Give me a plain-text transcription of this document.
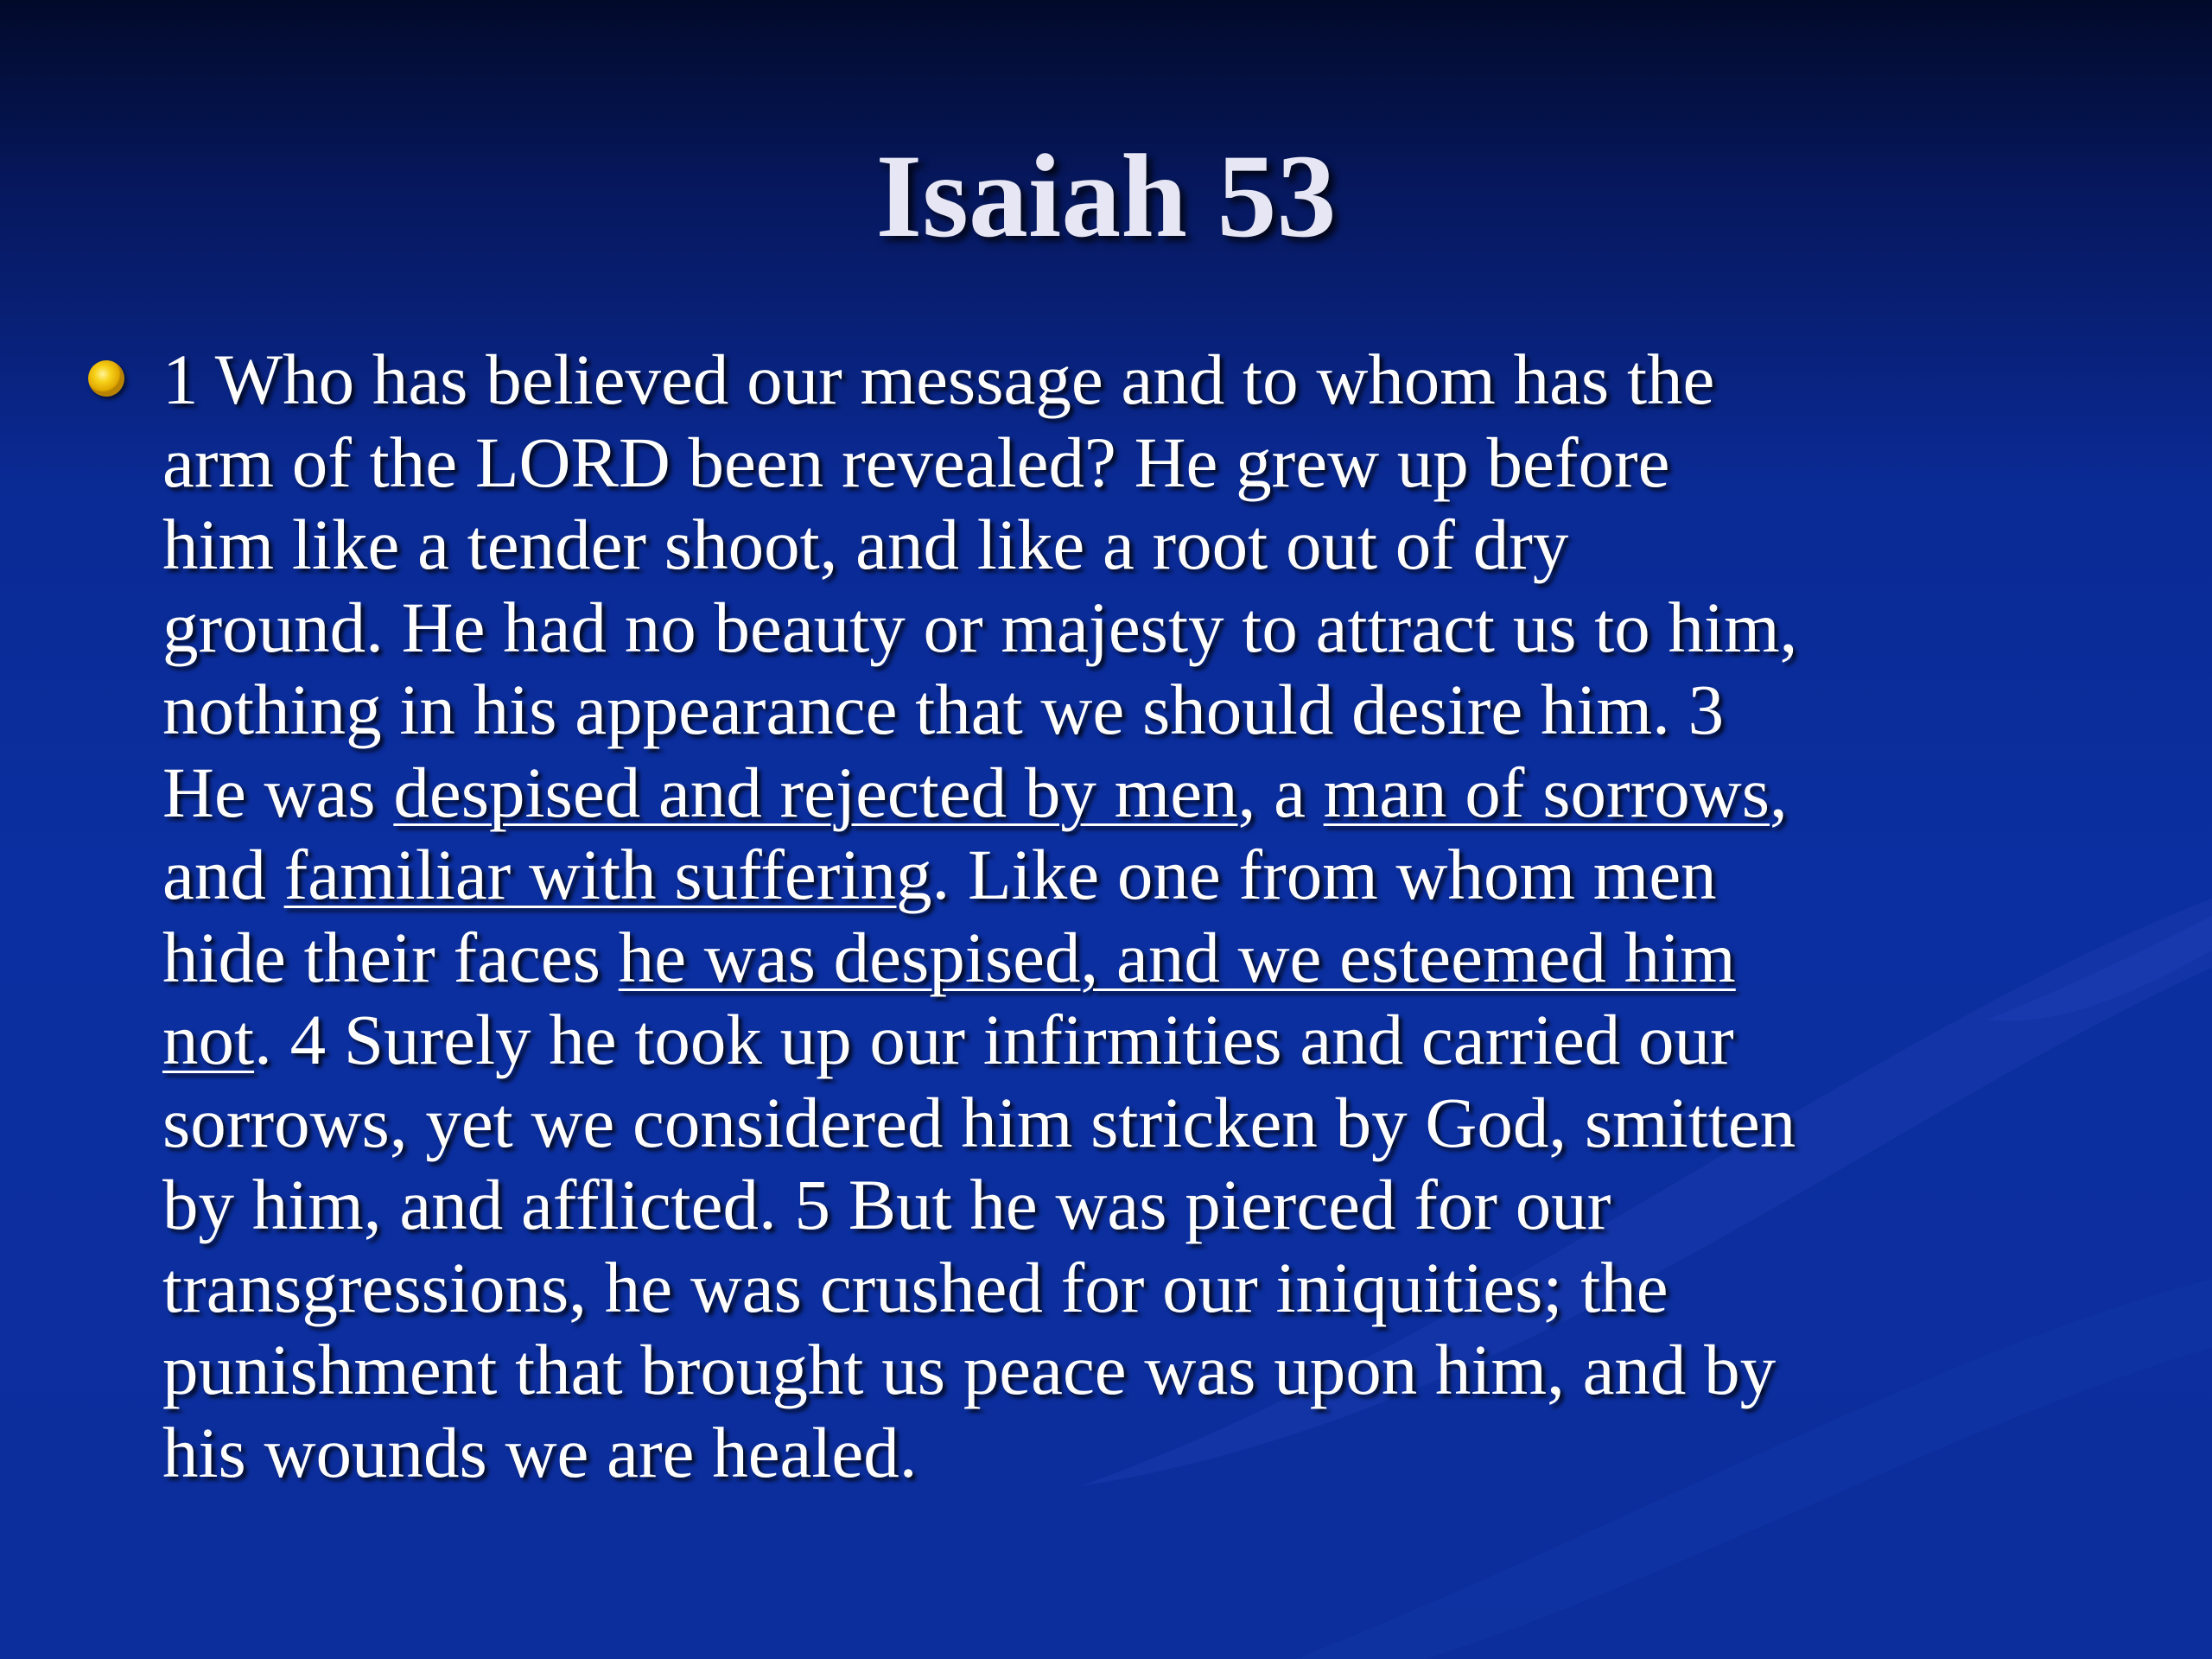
Isaiah 53
1 Who has believed our message and to whom has the
arm of the LORD been revealed? He grew up before
him like a tender shoot, and like a root out of dry
ground. He had no beauty or majesty to attract us to him,
nothing in his appearance that we should desire him. 3
He was despised and rejected by men, a man of sorrows,
and familiar with suffering. Like one from whom men
hide their faces he was despised, and we esteemed him
not. 4 Surely he took up our infirmities and carried our
sorrows, yet we considered him stricken by God, smitten
by him, and afflicted. 5 But he was pierced for our
transgressions, he was crushed for our iniquities; the
punishment that brought us peace was upon him, and by
his wounds we are healed.
